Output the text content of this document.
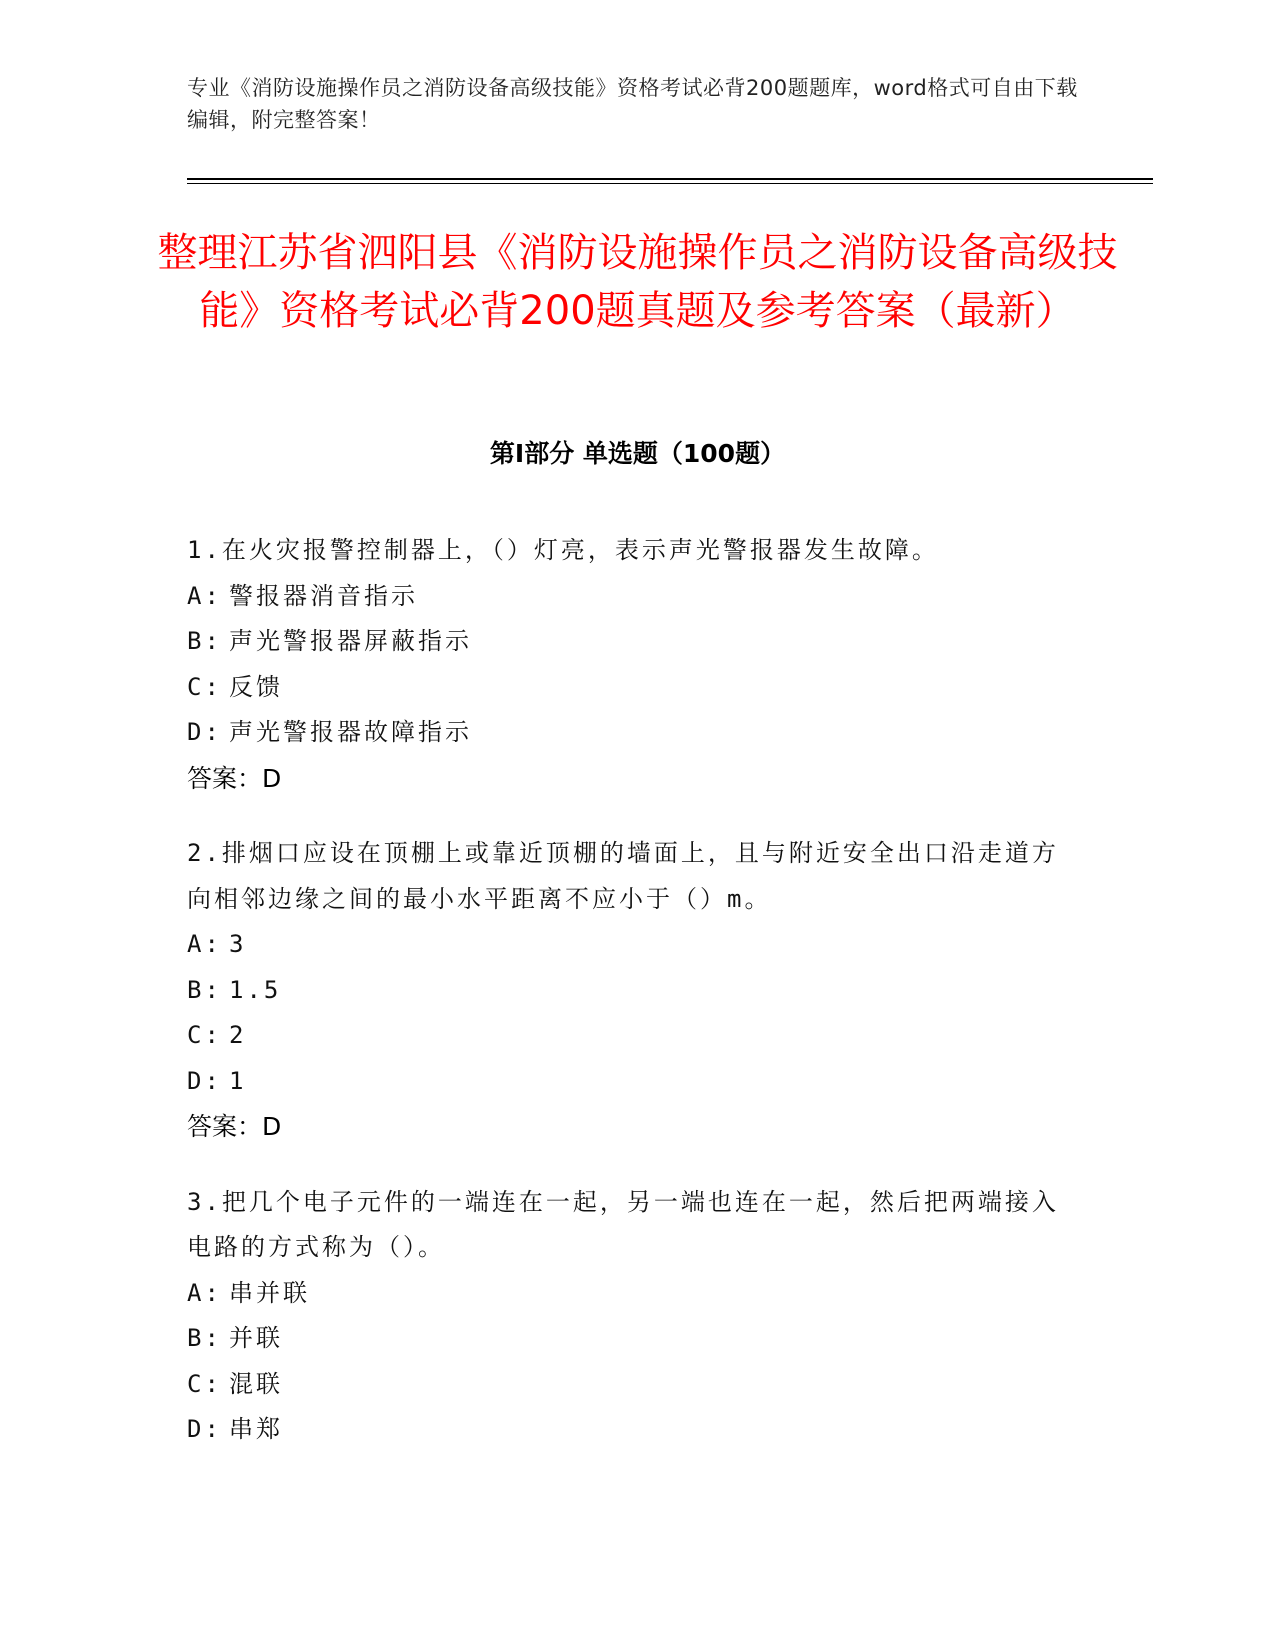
专业《消防设施操作员之消防设备高级技能》资格考试必背200题题库，word格式可自由下载编辑，附完整答案！
整理江苏省泗阳县《消防设施操作员之消防设备高级技能》资格考试必背200题真题及参考答案（最新）
第I部分 单选题（100题）
1.在火灾报警控制器上，（）灯亮，表示声光警报器发生故障。
A: 警报器消音指示
B: 声光警报器屏蔽指示
C: 反馈
D: 声光警报器故障指示
答案：D
2.排烟口应设在顶棚上或靠近顶棚的墙面上，且与附近安全出口沿走道方向相邻边缘之间的最小水平距离不应小于（）m。
A: 3
B: 1.5
C: 2
D: 1
答案：D
3.把几个电子元件的一端连在一起，另一端也连在一起，然后把两端接入电路的方式称为（）。
A: 串并联
B: 并联
C: 混联
D: 串郑
